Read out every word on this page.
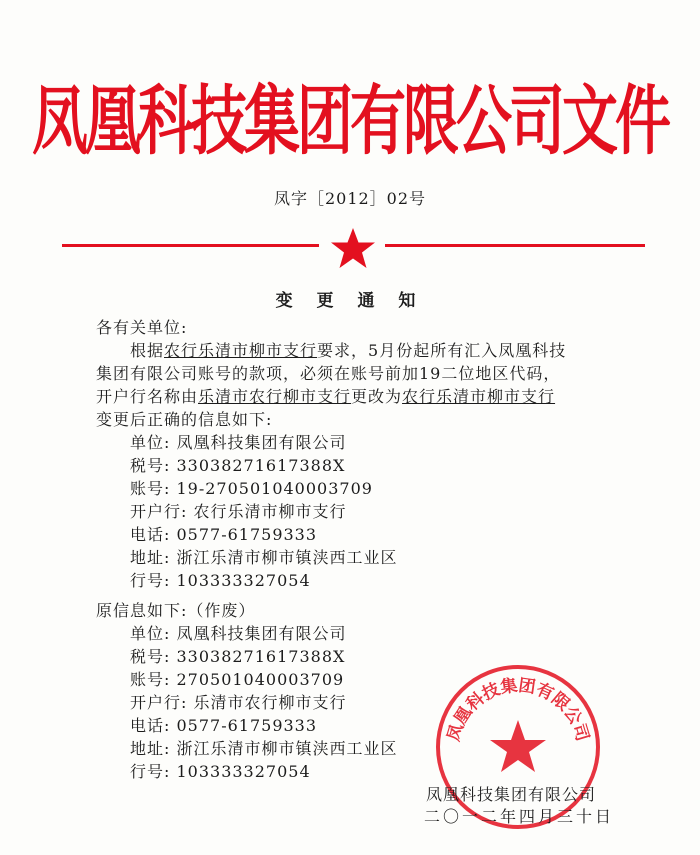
凤凰科技集团有限公司文件
凤字［2012］02号
变 更 通 知
各有关单位:
根据农行乐清市柳市支行要求，5月份起所有汇入凤凰科技
集团有限公司账号的款项，必须在账号前加19二位地区代码，
开户行名称由乐清市农行柳市支行更改为农行乐清市柳市支行
变更后正确的信息如下:
单位: 凤凰科技集团有限公司
税号: 33038271617388X
账号: 19-270501040003709
开户行: 农行乐清市柳市支行
电话: 0577-61759333
地址: 浙江乐清市柳市镇浃西工业区
行号: 103333327054
原信息如下:（作废）
单位: 凤凰科技集团有限公司
税号: 33038271617388X
账号: 270501040003709
开户行: 乐清市农行柳市支行
电话: 0577-61759333
地址: 浙江乐清市柳市镇浃西工业区
行号: 103333327054
凤凰科技集团有限公司
凤凰科技集团有限公司
二〇一二年四月三十日
